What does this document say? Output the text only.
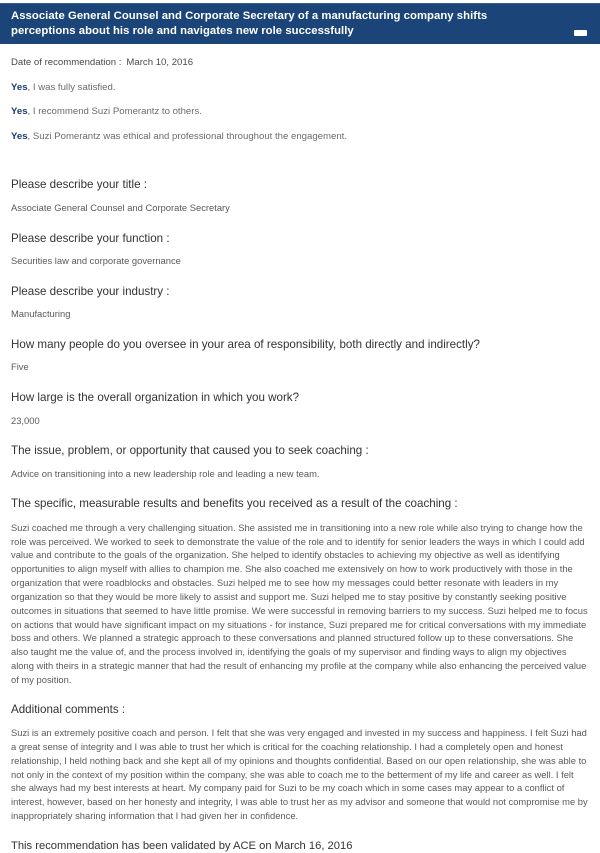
Associate General Counsel and Corporate Secretary of a manufacturing company shifts perceptions about his role and navigates new role successfully

Date of recommendation : March 10, 2016

Yes, I was fully satisfied.

Yes, I recommend Suzi Pomerantz to others.

Yes, Suzi Pomerantz was ethical and professional throughout the engagement.

Please describe your title :

Associate General Counsel and Corporate Secretary

Please describe your function :

Securities law and corporate governance

Please describe your industry :

Manufacturing

How many people do you oversee in your area of responsibility, both directly and indirectly?

Five

How large is the overall organization in which you work?

23,000

The issue, problem, or opportunity that caused you to seek coaching :

Advice on transitioning into a new leadership role and leading a new team.

The specific, measurable results and benefits you received as a result of the coaching :

Suzi coached me through a very challenging situation. She assisted me in transitioning into a new role while also trying to change how the role was perceived. We worked to seek to demonstrate the value of the role and to identify for senior leaders the ways in which I could add value and contribute to the goals of the organization. She helped to identify obstacles to achieving my objective as well as identifying opportunities to align myself with allies to champion me. She also coached me extensively on how to work productively with those in the organization that were roadblocks and obstacles. Suzi helped me to see how my messages could better resonate with leaders in my organization so that they would be more likely to assist and support me. Suzi helped me to stay positive by constantly seeking positive outcomes in situations that seemed to have little promise. We were successful in removing barriers to my success. Suzi helped me to focus on actions that would have significant impact on my situations - for instance, Suzi prepared me for critical conversations with my immediate boss and others. We planned a strategic approach to these conversations and planned structured follow up to these conversations. She also taught me the value of, and the process involved in, identifying the goals of my supervisor and finding ways to align my objectives along with theirs in a strategic manner that had the result of enhancing my profile at the company while also enhancing the perceived value of my position.

Additional comments :

Suzi is an extremely positive coach and person. I felt that she was very engaged and invested in my success and happiness. I felt Suzi had a great sense of integrity and I was able to trust her which is critical for the coaching relationship. I had a completely open and honest relationship, I held nothing back and she kept all of my opinions and thoughts confidential. Based on our open relationship, she was able to not only in the context of my position within the company, she was able to coach me to the betterment of my life and career as well. I felt she always had my best interests at heart. My company paid for Suzi to be my coach which in some cases may appear to a conflict of interest, however, based on her honesty and integrity, I was able to trust her as my advisor and someone that would not compromise me by inappropriately sharing information that I had given her in confidence.

This recommendation has been validated by ACE on March 16, 2016
